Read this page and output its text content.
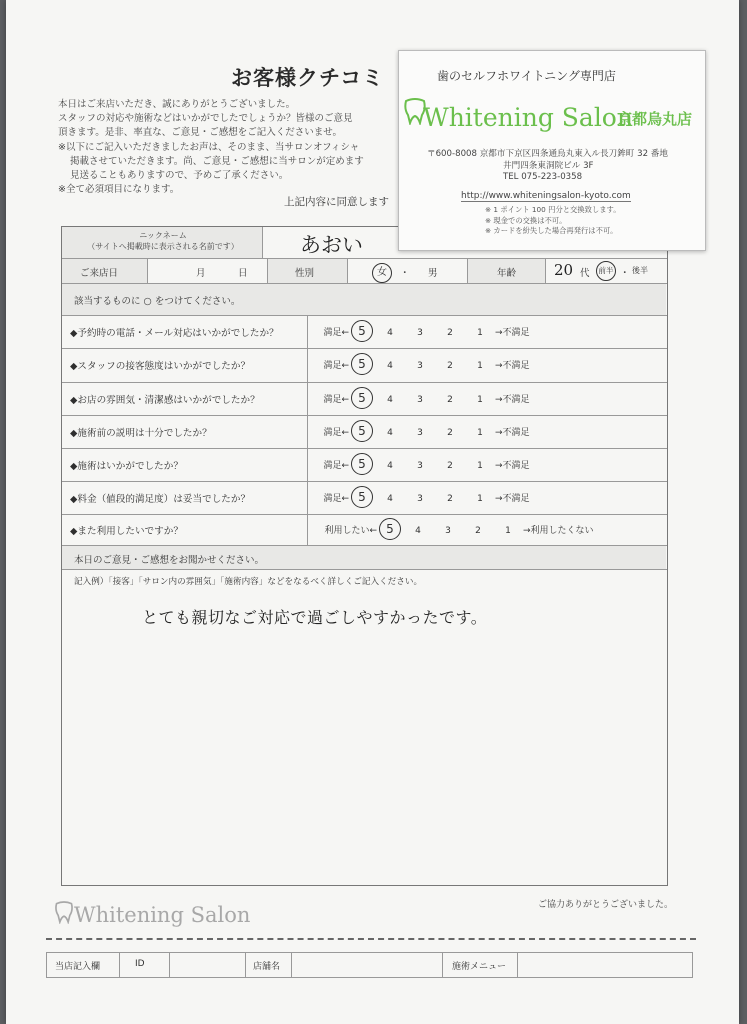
お客様クチコミ
本日はご来店いただき、誠にありがとうございました。
スタッフの対応や施術などはいかがでしたでしょうか？皆様のご意見
頂きます。是非、率直な、ご意見・ご感想をご記入くださいませ。
※以下にご記入いただきましたお声は、そのまま、当サロンオフィシャ
掲載させていただきます。尚、ご意見・ご感想に当サロンが定めます
見送ることもありますので、予めご了承ください。
※全て必須項目になります。
上記内容に同意します
ニックネーム
（サイトへ掲載時に表示される名前です）	あおい
ご来店日	月	日	性別	女	・ 男	年齢	20 代	前半 ・ 後半
該当するものに ○ をつけてください。
◆予約時の電話・メール対応はいかがでしたか？	満足← 5 4	3	2	1 →不満足
◆スタッフの接客態度はいかがでしたか？	満足← 5 4	3	2	1 →不満足
◆お店の雰囲気・清潔感はいかがでしたか？	満足← 5 4	3	2	1 →不満足
◆施術前の説明は十分でしたか？	満足← 5 4	3	2	1 →不満足
◆施術はいかがでしたか？	満足← 5 4	3	2	1 →不満足
◆料金（値段的満足度）は妥当でしたか？	満足← 5 4	3	2	1 →不満足
◆また利用したいですか？	利用したい← 5 4	3	2	1 →利用したくない
本日のご意見・ご感想をお聞かせください。
記入例）「接客」「サロン内の雰囲気」「施術内容」などをなるべく詳しくご記入ください。
とても親切なご対応で過ごしやすかったです。
歯のセルフホワイトニング専門店
Whitening Salon
京都烏丸店
〒600-8008 京都市下京区四条通烏丸東入ル長刀鉾町 32 番地
井門四条東洞院ビル 3F
TEL 075-223-0358
http://www.whiteningsalon-kyoto.com
※ 1 ポイント 100 円分と交換致します。
※ 現金での交換は不可。
※ カードを紛失した場合再発行は不可。
Whitening Salon	ご協力ありがとうございました。
当店記入欄	ID	店舗名	施術メニュー
